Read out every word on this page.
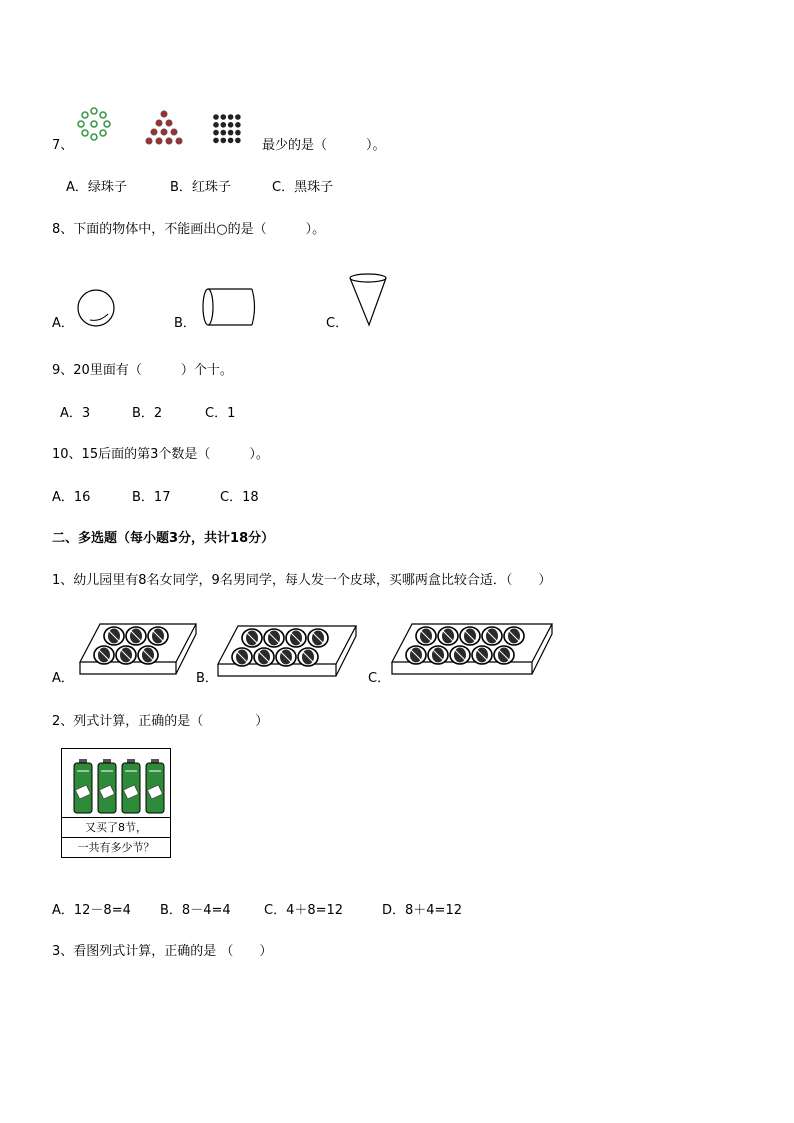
7、	最少的是（　　　）。
A．绿珠子	B．红珠子	C．黑珠子
8、下面的物体中，不能画出○的是（　　　）。
A．	B．	C．
9、20里面有（　　　）个十。
A．3	B．2	C．1
10、15后面的第3个数是（　　　）。
A．16	B．17	C．18
二、多选题（每小题3分，共计18分）
1、幼儿园里有8名女同学，9名男同学，每人发一个皮球，买哪两盒比较合适．（　　）
A．	B．	C．
2、列式计算，正确的是（　　　　）
又买了8节，
一共有多少节？
A．12－8=4 B．8－4=4	C．4＋8=12	D．8＋4=12
3、看图列式计算，正确的是 （　　）
